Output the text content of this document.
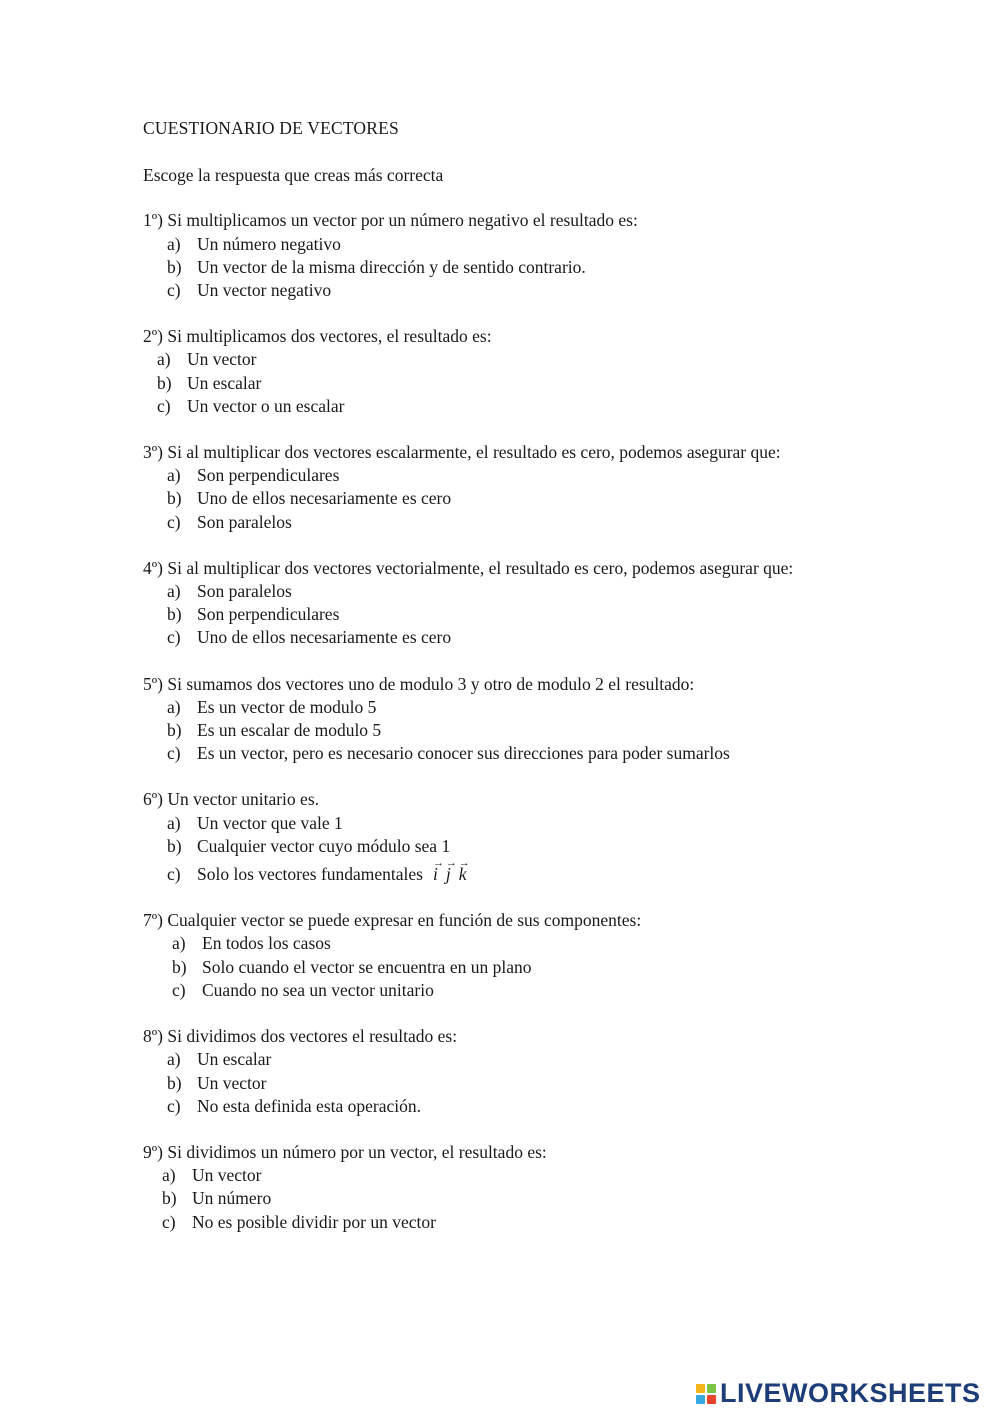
CUESTIONARIO DE VECTORES

Escoge la respuesta que creas más correcta

1º) Si multiplicamos un vector por un número negativo el resultado es:

a) Un número negativo
b) Un vector de la misma dirección y de sentido contrario.
c) Un vector negativo

2º) Si multiplicamos dos vectores, el resultado es:

a) Un vector
b) Un escalar
c) Un vector o un escalar

3º) Si al multiplicar dos vectores escalarmente, el resultado es cero, podemos asegurar que:

a) Son perpendiculares
b) Uno de ellos necesariamente es cero
c) Son paralelos

4º) Si al multiplicar dos vectores vectorialmente, el resultado es cero, podemos asegurar que:

a) Son paralelos
b) Son perpendiculares
c) Uno de ellos necesariamente es cero

5º) Si sumamos dos vectores uno de modulo 3 y otro de modulo 2 el resultado:

a) Es un vector de modulo 5
b) Es un escalar de modulo 5
c) Es un vector, pero es necesario conocer sus direcciones para poder sumarlos

6º) Un vector unitario es.

a) Un vector que vale 1
b) Cualquier vector cuyo módulo sea 1
c) Solo los vectores fundamentales → i → j → k

7º) Cualquier vector se puede expresar en función de sus componentes:

a) En todos los casos
b) Solo cuando el vector se encuentra en un plano
c) Cuando no sea un vector unitario

8º) Si dividimos dos vectores el resultado es:

a) Un escalar
b) Un vector
c) No esta definida esta operación.

9º) Si dividimos un número por un vector, el resultado es:

a) Un vector
b) Un número
c) No es posible dividir por un vector
LIVEWORKSHEETS
